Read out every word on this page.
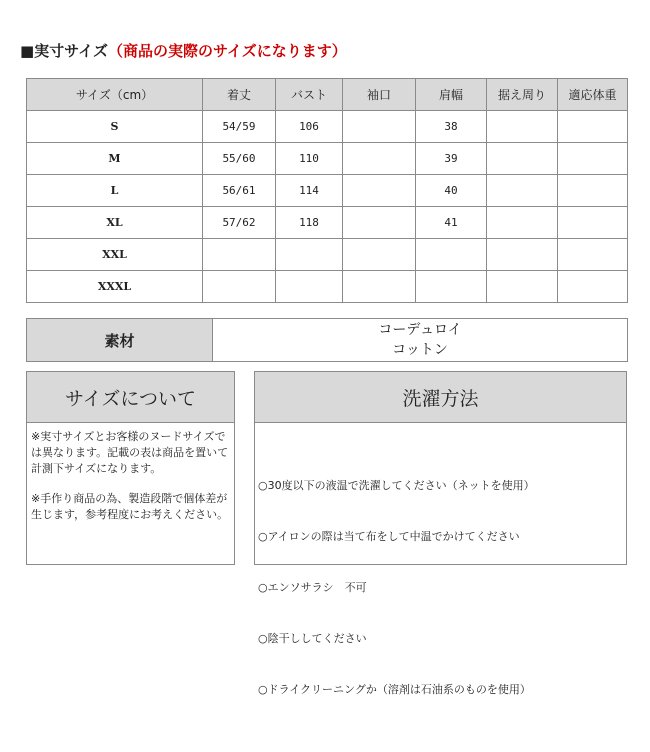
■実寸サイズ（商品の実際のサイズになります）
サイズ（cm）	着丈	バスト	袖口	肩幅	据え周り	適応体重
S	54/59	106		38		
M	55/60	110		39		
L	56/61	114		40		
XL	57/62	118		41		
XXL						
XXXL						
素材	
コーデュロイ
コットン
サイズについて
※実寸サイズとお客様のヌードサイズでは異なります。記載の表は商品を置いて計測下サイズになります。
※手作り商品の為、製造段階で個体差が生じます，参考程度にお考えください。
洗濯方法

○30度以下の液温で洗濯してください（ネットを使用）

○アイロンの際は当て布をして中温でかけてください

○エンソサラシ　不可

○陰干ししてください

○ドライクリーニングか（溶剤は石油系のものを使用）
